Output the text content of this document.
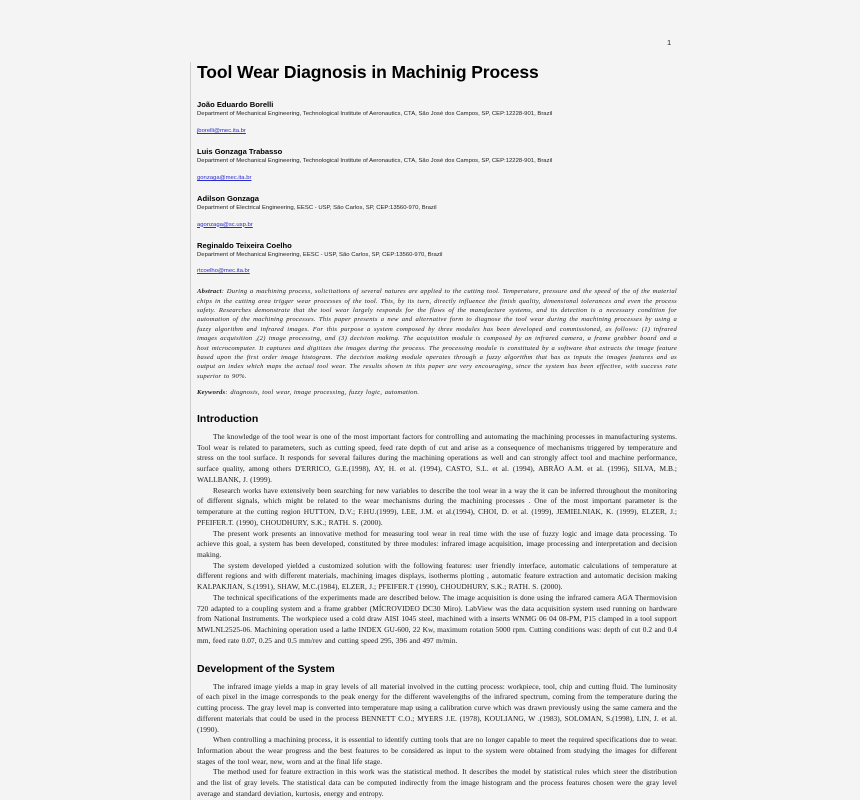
1
Tool Wear Diagnosis in Machinig Process
João Eduardo Borelli
Department of Mechanical Engineering, Technological Institute of Aeronautics, CTA, São José dos Campos, SP, CEP:12228-901, Brazil
jborelli@mec.ita.br
Luis Gonzaga Trabasso
Department of Mechanical Engineering, Technological Institute of Aeronautics, CTA, São José dos Campos, SP, CEP:12228-901, Brazil
gonzaga@mec.ita.br
Adilson Gonzaga
Department of Electrical Engineering, EESC - USP, São Carlos, SP, CEP:13560-970, Brazil
agonzaga@sc.usp.br
Reginaldo Teixeira Coelho
Department of Mechanical Engineering, EESC - USP, São Carlos, SP, CEP:13560-970, Brazil
rtcoelho@mec.ita.br

Abstract: During a machining process, solicitations of several natures are applied to the cutting tool. Temperature, pressure and the speed of the of the material chips in the cutting area trigger wear processes of the tool. This, by its turn, directly influence the finish quality, dimensional tolerances and even the process safety. Researches demonstrate that the tool wear largely responds for the flaws of the manufacture systems, and its detection is a necessary condition for automation of the machining processes. This paper presents a new and alternative form to diagnose the tool wear during the machining processes by using a fuzzy algorithm and infrared images. For this purpose a system composed by three modules has been developed and commissioned, as follows: (1) infrared images acquisition ,(2) image processing, and (3) decision making. The acquisition module is composed by an infrared camera, a frame grabber board and a host microcomputer. It captures and digitizes the images during the process. The processing module is constituted by a software that extracts the image feature based upon the first order image histogram. The decision making module operates through a fuzzy algorithm that has as inputs the images features and as output an index which maps the actual tool wear. The results shown in this paper are very encouraging, since the system has been effective, with success rate superior to 90%.

Keywords: diagnosis, tool wear, image processing, fuzzy logic, automation.

Introduction

The knowledge of the tool wear is one of the most important factors for controlling and automating the machining processes in manufacturing systems. Tool wear is related to parameters, such as cutting speed, feed rate depth of cut and arise as a consequence of mechanisms triggered by temperature and stress on the tool surface. It responds for several failures during the machining operations as well and can strongly affect tool and machine performance, surface quality, among others D'ERRICO, G.E.(1998), AY, H. et al. (1994), CASTO, S.L. et al. (1994), ABRÃO A.M. et al. (1996), SILVA, M.B.; WALLBANK, J. (1999).

Research works have extensively been searching for new variables to describe the tool wear in a way the it can be inferred throughout the monitoring of different signals, which might be related to the wear mechanisms during the machining processes . One of the most important parameter is the temperature at the cutting region HUTTON, D.V.; F.HU.(1999), LEE, J.M. et al.(1994), CHOI, D. et al. (1999), JEMIELNIAK, K. (1999), ELZER, J.; PFEIFER.T. (1990), CHOUDHURY, S.K.; RATH. S. (2000).

The present work presents an innovative method for measuring tool wear in real time with the use of fuzzy logic and image data processing. To achieve this goal, a system has been developed, constituted by three modules: infrared image acquisition, image processing and interpretation and decision making.

The system developed yielded a customized solution with the following features: user friendly interface, automatic calculations of temperature at different regions and with different materials, machining images displays, isotherms plotting , automatic feature extraction and automatic decision making KALPAKJIAN, S.(1991), SHAW, M.C.(1984), ELZER, J.; PFEIFER.T (1990), CHOUDHURY, S.K.; RATH. S. (2000).

The technical specifications of the experiments made are described below. The image acquisition is done using the infrared camera AGA Thermovision 720 adapted to a coupling system and a frame grabber (MÍCROVIDEO DC30 Miro). LabView was the data acquisition system used running on hardware from National Instruments. The workpiece used a cold draw AISI 1045 steel, machined with a inserts WNMG 06 04 08-PM, P15 clamped in a tool support MWLNL2525-06. Machining operation used a lathe INDEX GU-600, 22 Kw, maximum rotation 5000 rpm. Cutting conditions was: depth of cut 0.2 and 0.4 mm, feed rate 0.07, 0.25 and 0.5 mm/rev and cutting speed 295, 396 and 497 m/min.

Development of the System

The infrared image yields a map in gray levels of all material involved in the cutting process: workpiece, tool, chip and cutting fluid. The luminosity of each pixel in the image corresponds to the peak energy for the different wavelengths of the infrared spectrum, coming from the temperature during the cutting process. The gray level map is converted into temperature map using a calibration curve which was drawn previously using the same camera and the different materials that could be used in the process BENNETT C.O.; MYERS J.E. (1978), KOULIANG, W .(1983), SOLOMAN, S.(1998), LIN, J. et al. (1990).

When controlling a machining process, it is essential to identify cutting tools that are no longer capable to meet the required specifications due to wear. Information about the wear progress and the best features to be considered as input to the system were obtained from studying the images for different stages of the tool wear, new, worn and at the final life stage.

The method used for feature extraction in this work was the statistical method. It describes the model by statistical rules which steer the distribution and the list of gray levels. The statistical data can be computed indirectly from the image histogram and the process features chosen were the gray level average and standard deviation, kurtosis, energy and entropy.
